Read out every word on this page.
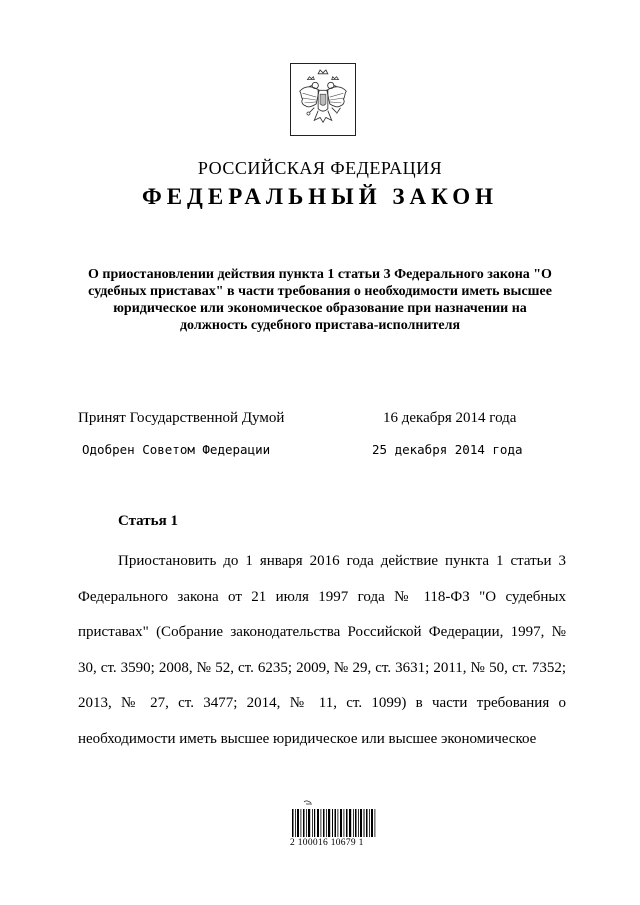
РОССИЙСКАЯ ФЕДЕРАЦИЯ
ФЕДЕРАЛЬНЫЙ ЗАКОН
О приостановлении действия пункта 1 статьи 3 Федерального закона "О судебных приставах" в части требования о необходимости иметь высшее юридическое или экономическое образование при назначении на должность судебного пристава-исполнителя
Принят Государственной Думой	16 декабря 2014 года
Одобрен Советом Федерации	25 декабря 2014 года
Статья 1

Приостановить до 1 января 2016 года действие пункта 1 статьи 3 Федерального закона от 21 июля 1997 года № 118-ФЗ "О судебных приставах" (Собрание законодательства Российской Федерации, 1997, № 30, ст. 3590; 2008, № 52, ст. 6235; 2009, № 29, ст. 3631; 2011, № 50, ст. 7352; 2013, № 27, ст. 3477; 2014, № 11, ст. 1099) в части требования о необходимости иметь высшее юридическое или высшее экономическое

2 100016 10679 1
